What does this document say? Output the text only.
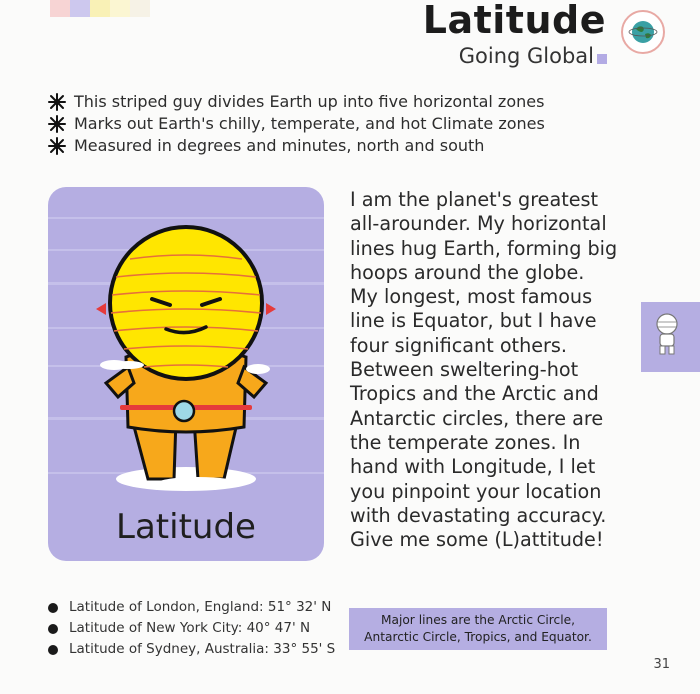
Latitude
Going Global
This striped guy divides Earth up into five horizontal zones
Marks out Earth's chilly, temperate, and hot Climate zones
Measured in degrees and minutes, north and south
Latitude
I am the planet's greatest
all-arounder. My horizontal
lines hug Earth, forming big
hoops around the globe.
My longest, most famous
line is Equator, but I have
four significant others.
Between sweltering-hot
Tropics and the Arctic and
Antarctic circles, there are
the temperate zones. In
hand with Longitude, I let
you pinpoint your location
with devastating accuracy.
Give me some (L)attitude!
Latitude of London, England: 51° 32' N
Latitude of New York City: 40° 47' N
Latitude of Sydney, Australia: 33° 55' S
Major lines are the Arctic Circle, Antarctic Circle, Tropics, and Equator.
31
